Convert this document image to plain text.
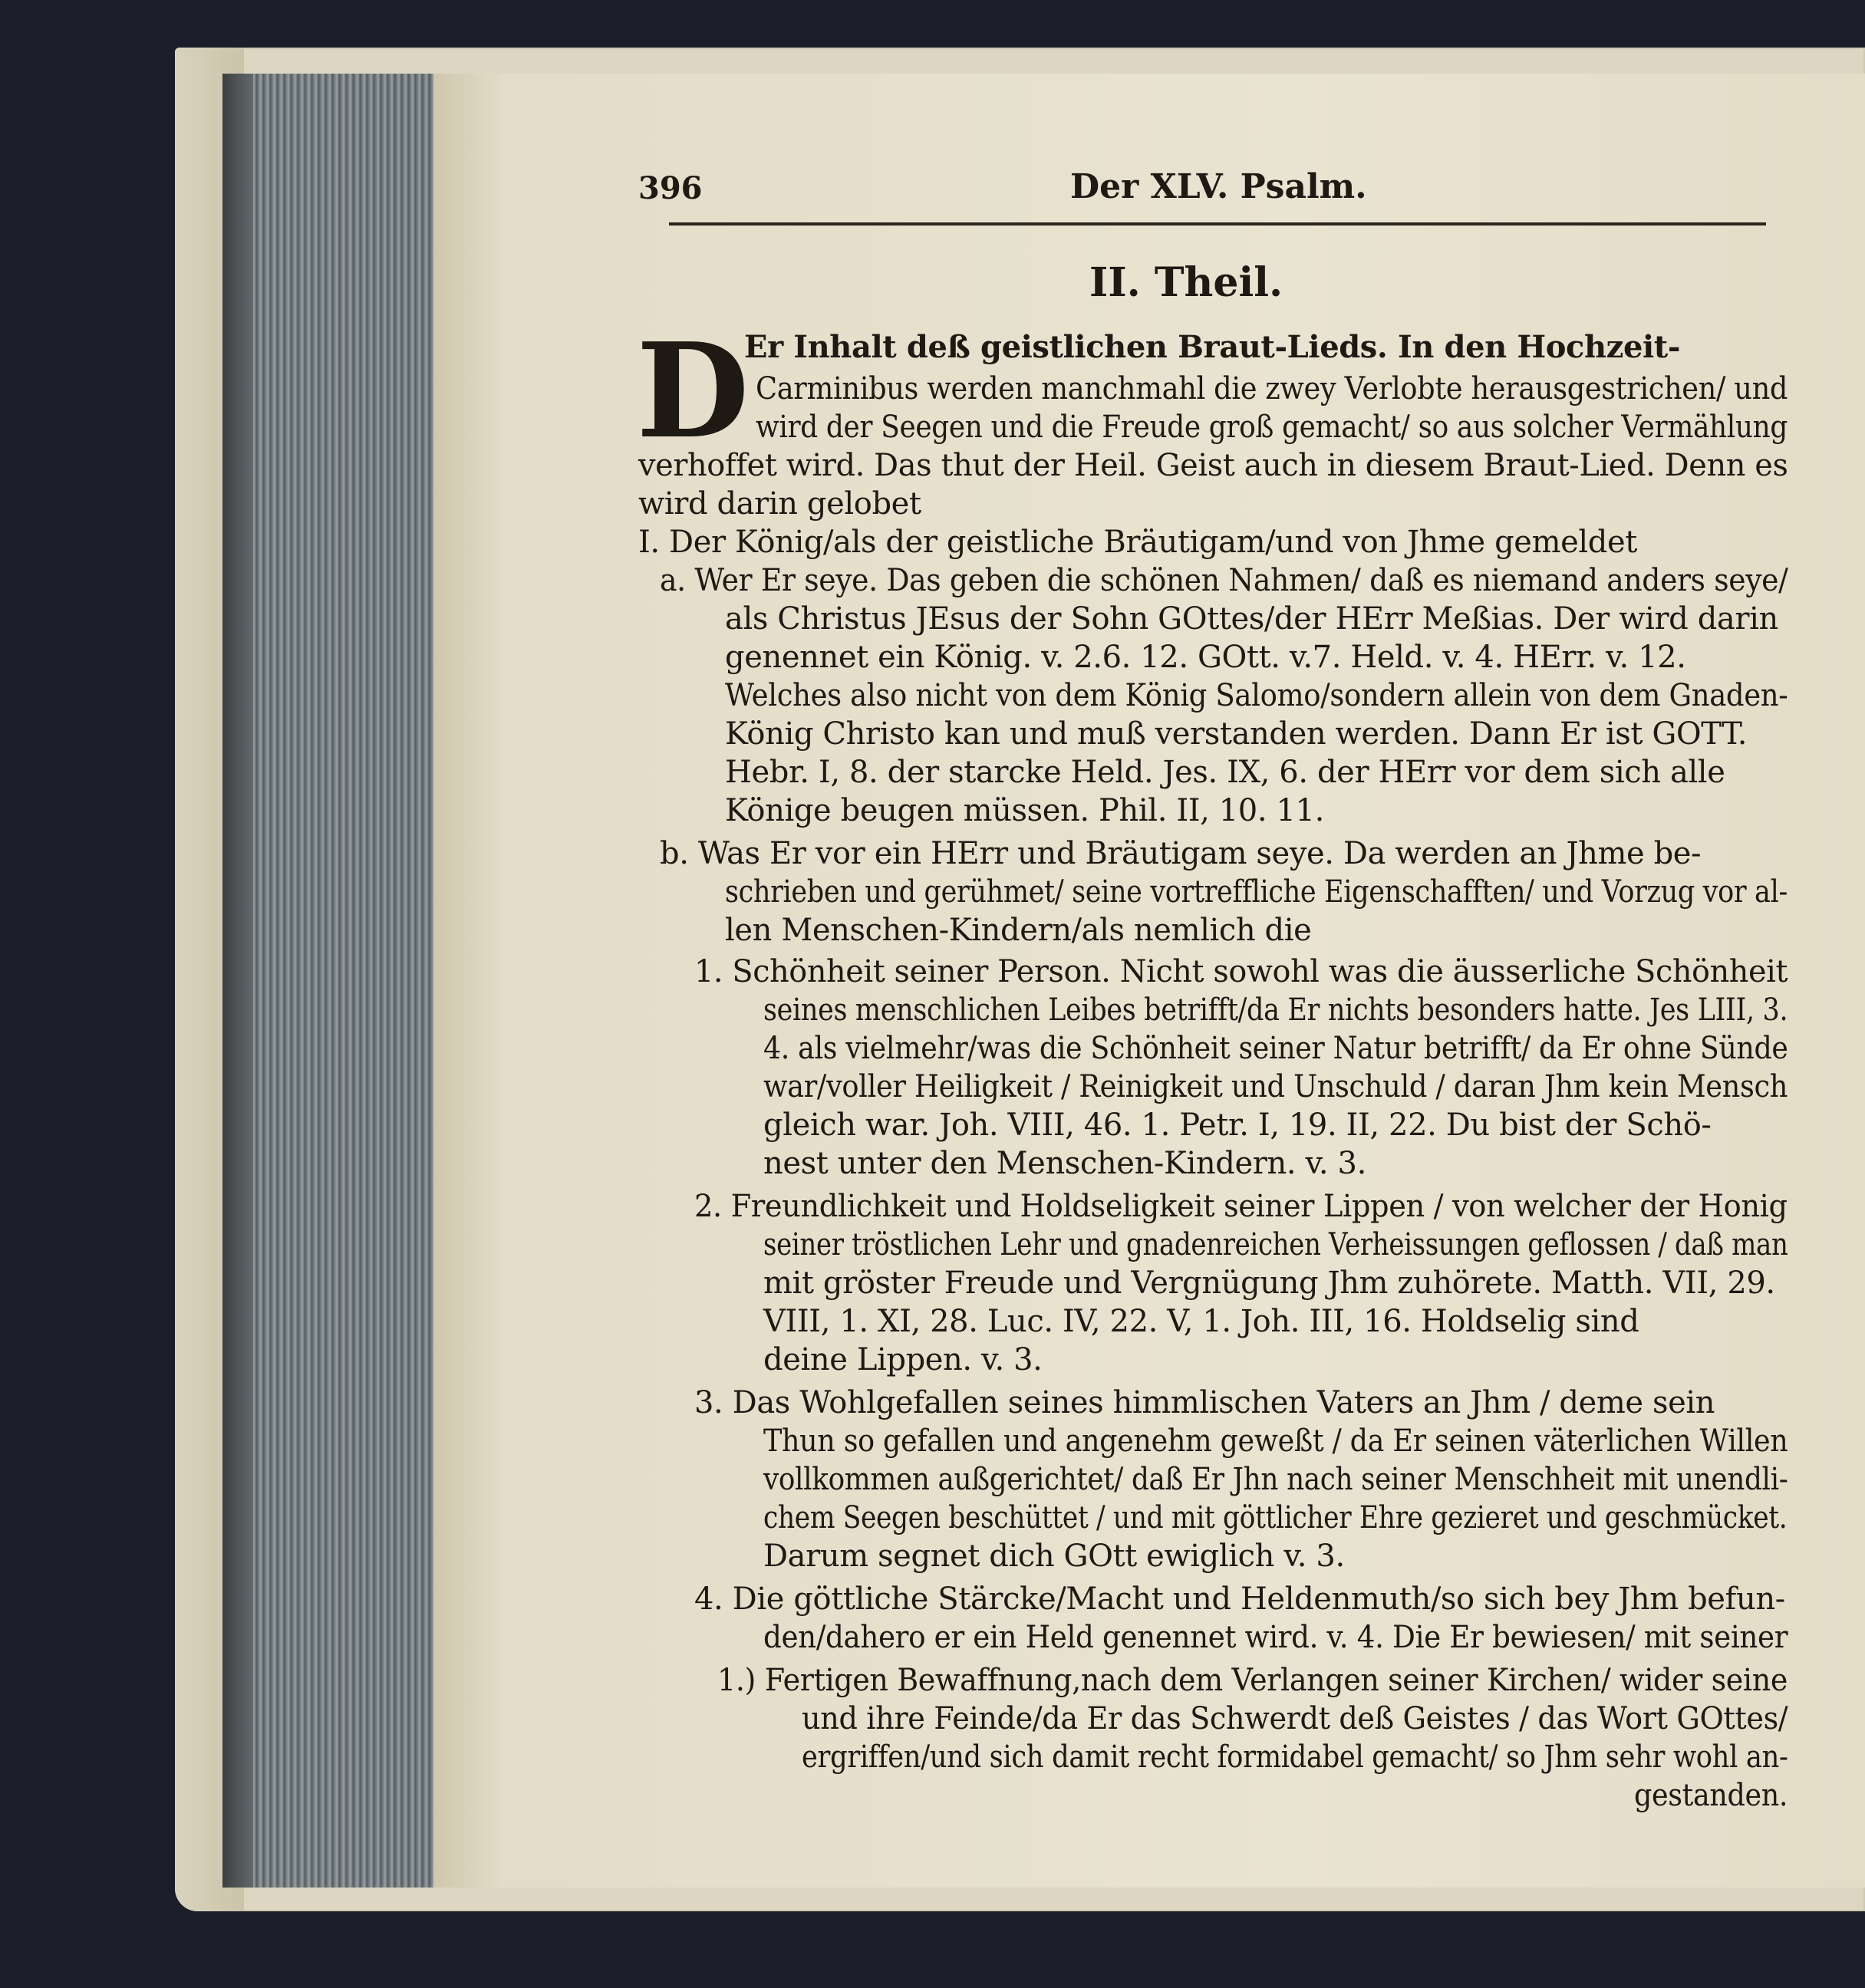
396	Der XLV. Psalm.
II. Theil.
D
Er Inhalt deß geistlichen Braut-Lieds. In den Hochzeit-
Carminibus werden manchmahl die zwey Verlobte herausgestrichen/ und
wird der Seegen und die Freude groß gemacht/ so aus solcher Vermählung
verhoffet wird. Das thut der Heil. Geist auch in diesem Braut-Lied. Denn es
wird darin gelobet
I. Der König/als der geistliche Bräutigam/und von Jhme gemeldet
a. Wer Er seye. Das geben die schönen Nahmen/ daß es niemand anders seye/
als Christus JEsus der Sohn GOttes/der HErr Meßias. Der wird darin
genennet ein König. v. 2.6. 12. GOtt. v.7. Held. v. 4. HErr. v. 12.
Welches also nicht von dem König Salomo/sondern allein von dem Gnaden-
König Christo kan und muß verstanden werden. Dann Er ist GOTT.
Hebr. I, 8. der starcke Held. Jes. IX, 6. der HErr vor dem sich alle
Könige beugen müssen. Phil. II, 10. 11.
b. Was Er vor ein HErr und Bräutigam seye. Da werden an Jhme be-
schrieben und gerühmet/ seine vortreffliche Eigenschafften/ und Vorzug vor al-
len Menschen-Kindern/als nemlich die
1. Schönheit seiner Person. Nicht sowohl was die äusserliche Schönheit
seines menschlichen Leibes betrifft/da Er nichts besonders hatte. Jes LIII, 3.
4. als vielmehr/was die Schönheit seiner Natur betrifft/ da Er ohne Sünde
war/voller Heiligkeit / Reinigkeit und Unschuld / daran Jhm kein Mensch
gleich war. Joh. VIII, 46. 1. Petr. I, 19. II, 22. Du bist der Schö-
nest unter den Menschen-Kindern. v. 3.
2. Freundlichkeit und Holdseligkeit seiner Lippen / von welcher der Honig
seiner tröstlichen Lehr und gnadenreichen Verheissungen geflossen / daß man
mit gröster Freude und Vergnügung Jhm zuhörete. Matth. VII, 29.
VIII, 1. XI, 28. Luc. IV, 22. V, 1. Joh. III, 16. Holdselig sind
deine Lippen. v. 3.
3. Das Wohlgefallen seines himmlischen Vaters an Jhm / deme sein
Thun so gefallen und angenehm geweßt / da Er seinen väterlichen Willen
vollkommen außgerichtet/ daß Er Jhn nach seiner Menschheit mit unendli-
chem Seegen beschüttet / und mit göttlicher Ehre gezieret und geschmücket.
Darum segnet dich GOtt ewiglich v. 3.
4. Die göttliche Stärcke/Macht und Heldenmuth/so sich bey Jhm befun-
den/dahero er ein Held genennet wird. v. 4. Die Er bewiesen/ mit seiner
1.) Fertigen Bewaffnung,nach dem Verlangen seiner Kirchen/ wider seine
und ihre Feinde/da Er das Schwerdt deß Geistes / das Wort GOttes/
ergriffen/und sich damit recht formidabel gemacht/ so Jhm sehr wohl an-
gestanden.
